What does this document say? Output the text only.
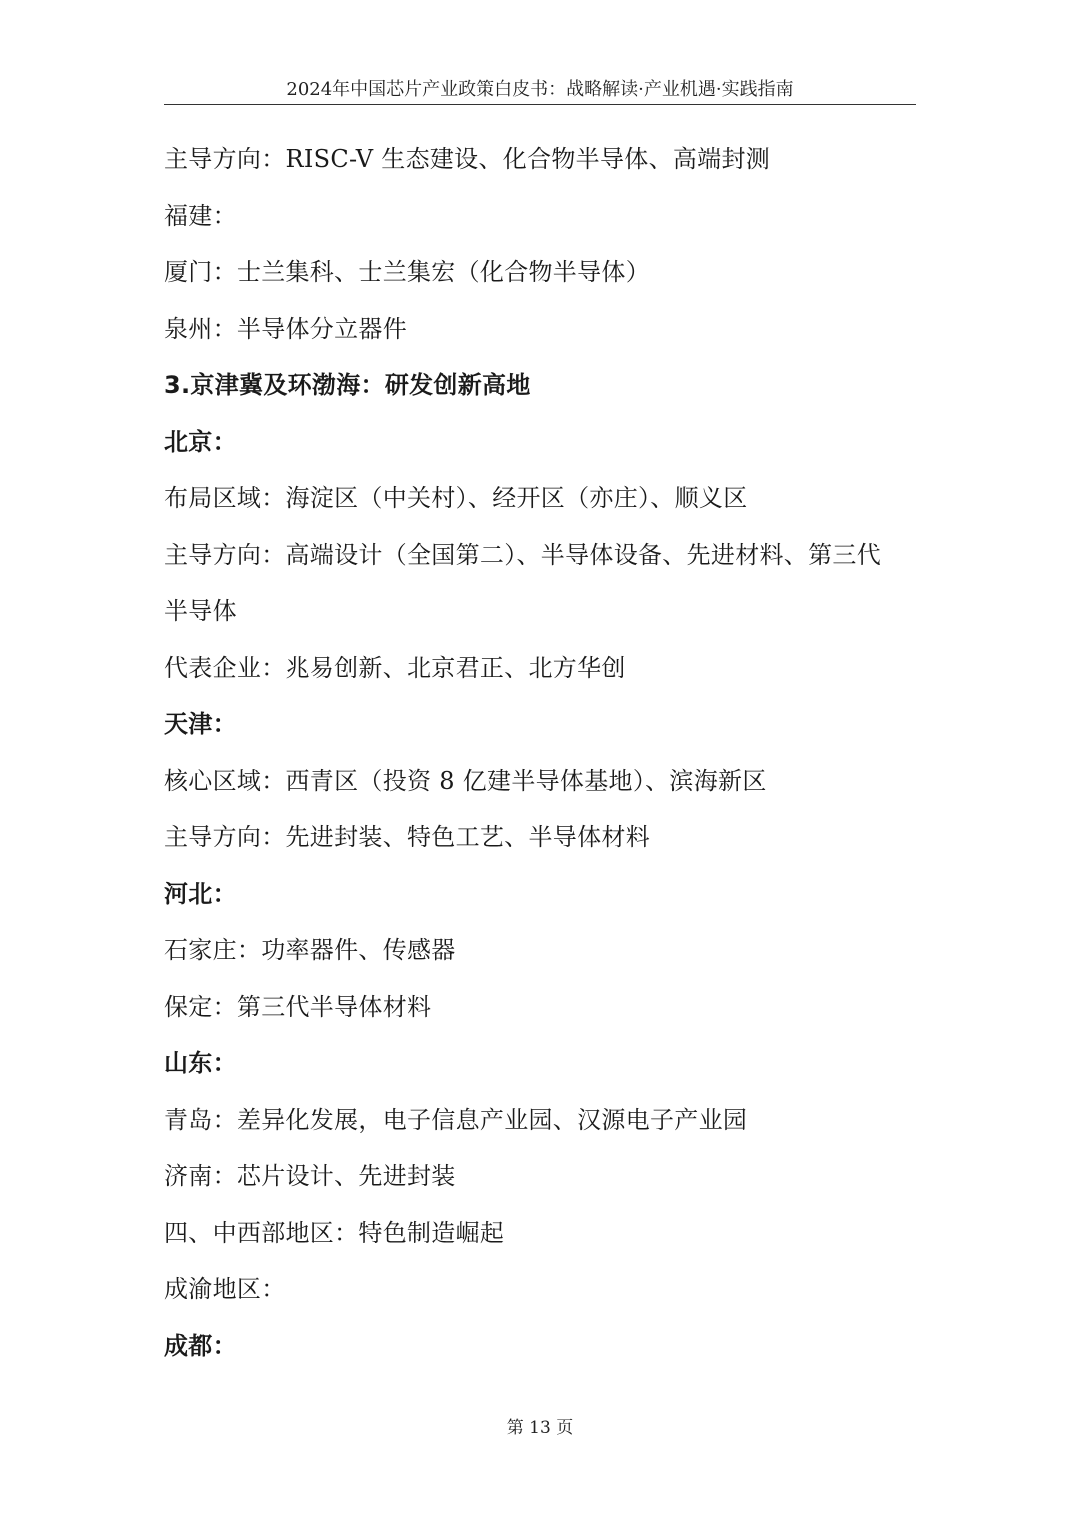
2024年中国芯片产业政策白皮书：战略解读·产业机遇·实践指南
主导方向：RISC-V 生态建设、化合物半导体、高端封测
福建：
厦门：士兰集科、士兰集宏（化合物半导体）
泉州：半导体分立器件
3.京津冀及环渤海：研发创新高地
北京：
布局区域：海淀区（中关村）、经开区（亦庄）、顺义区
主导方向：高端设计（全国第二）、半导体设备、先进材料、第三代
半导体
代表企业：兆易创新、北京君正、北方华创
天津：
核心区域：西青区（投资 8 亿建半导体基地）、滨海新区
主导方向：先进封装、特色工艺、半导体材料
河北：
石家庄：功率器件、传感器
保定：第三代半导体材料
山东：
青岛：差异化发展，电子信息产业园、汉源电子产业园
济南：芯片设计、先进封装
四、中西部地区：特色制造崛起
成渝地区：
成都：
第 13 页
